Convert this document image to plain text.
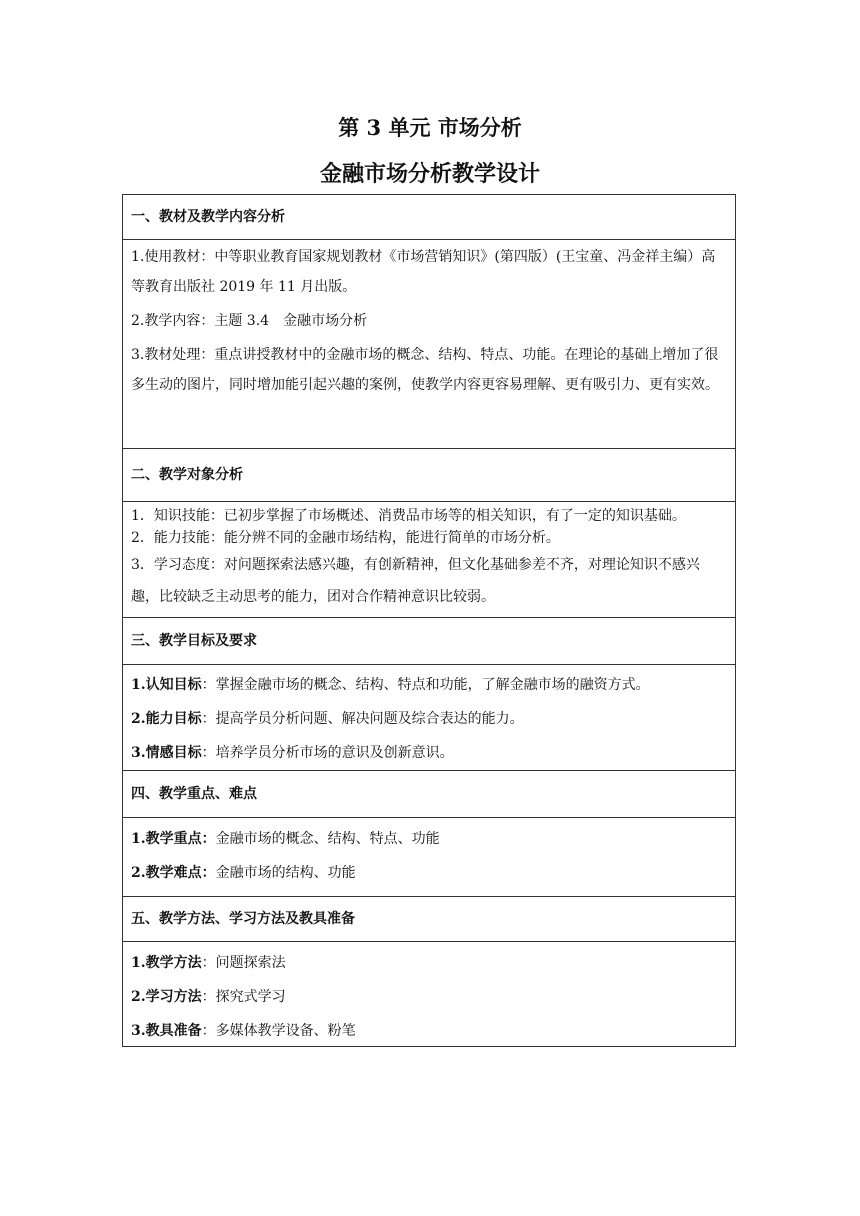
第 3 单元 市场分析
金融市场分析教学设计
一、教材及教学内容分析

1.使用教材：中等职业教育国家规划教材《市场营销知识》(第四版）(王宝童、冯金祥主编）高等教育出版社 2019 年 11 月出版。

2.教学内容：主题 3.4　金融市场分析

3.教材处理：重点讲授教材中的金融市场的概念、结构、特点、功能。在理论的基础上增加了很多生动的图片，同时增加能引起兴趣的案例，使教学内容更容易理解、更有吸引力、更有实效。

二、教学对象分析

1．知识技能：已初步掌握了市场概述、消费品市场等的相关知识，有了一定的知识基础。

2．能力技能：能分辨不同的金融市场结构，能进行简单的市场分析。

3．学习态度：对问题探索法感兴趣，有创新精神，但文化基础参差不齐，对理论知识不感兴趣，比较缺乏主动思考的能力，团对合作精神意识比较弱。

三、教学目标及要求

1.认知目标：掌握金融市场的概念、结构、特点和功能，了解金融市场的融资方式。

2.能力目标：提高学员分析问题、解决问题及综合表达的能力。

3.情感目标：培养学员分析市场的意识及创新意识。

四、教学重点、难点

1.教学重点：金融市场的概念、结构、特点、功能

2.教学难点：金融市场的结构、功能

五、教学方法、学习方法及教具准备

1.教学方法：问题探索法

2.学习方法：探究式学习

3.教具准备：多媒体教学设备、粉笔
